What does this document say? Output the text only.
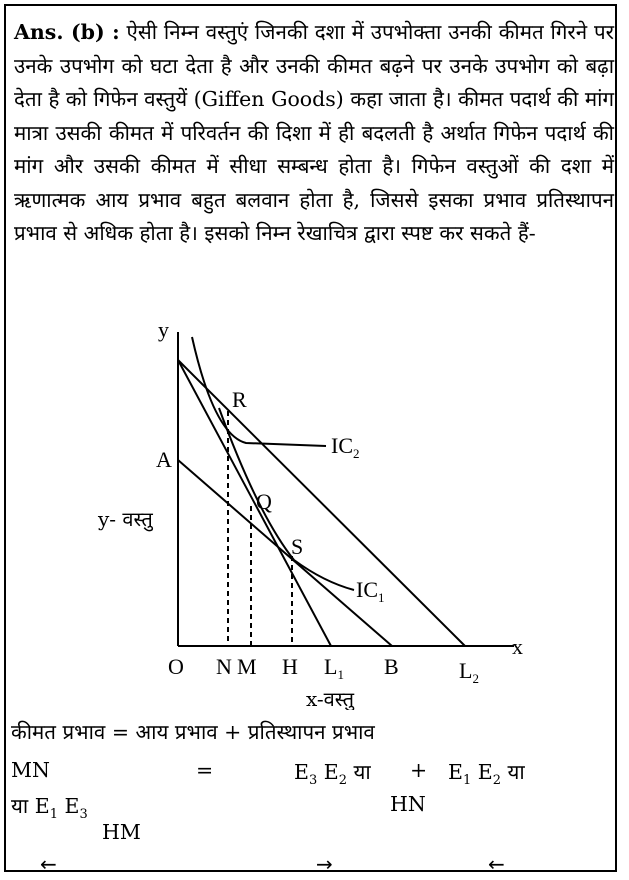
Ans. (b) : ऐसी निम्न वस्तुएं जिनकी दशा में उपभोक्ता उनकी कीमत गिरने पर उनके उपभोग को घटा देता है और उनकी कीमत बढ़ने पर उनके उपभोग को बढ़ा देता है को गिफेन वस्तुयें (Giffen Goods) कहा जाता है। कीमत पदार्थ की मांग मात्रा उसकी कीमत में परिवर्तन की दिशा में ही बदलती है अर्थात गिफेन पदार्थ की मांग और उसकी कीमत में सीधा सम्बन्ध होता है। गिफेन वस्तुओं की दशा में ऋणात्मक आय प्रभाव बहुत बलवान होता है, जिससे इसका प्रभाव प्रतिस्थापन प्रभाव से अधिक होता है। इसको निम्न रेखाचित्र द्वारा स्पष्ट कर सकते हैं-
y
x
O
A
R
Q
S
$IC_2$
$IC_1$
N M H $L_1$ B	$L_2$
y- वस्तु
x-वस्तु
कीमत प्रभाव = आय प्रभाव + प्रतिस्थापन प्रभाव
MN	=	$E_3$ $E_2$ या + $E_1$ $E_2$ या
या $E_1$ $E_3$	HN
HM
←	→	←
